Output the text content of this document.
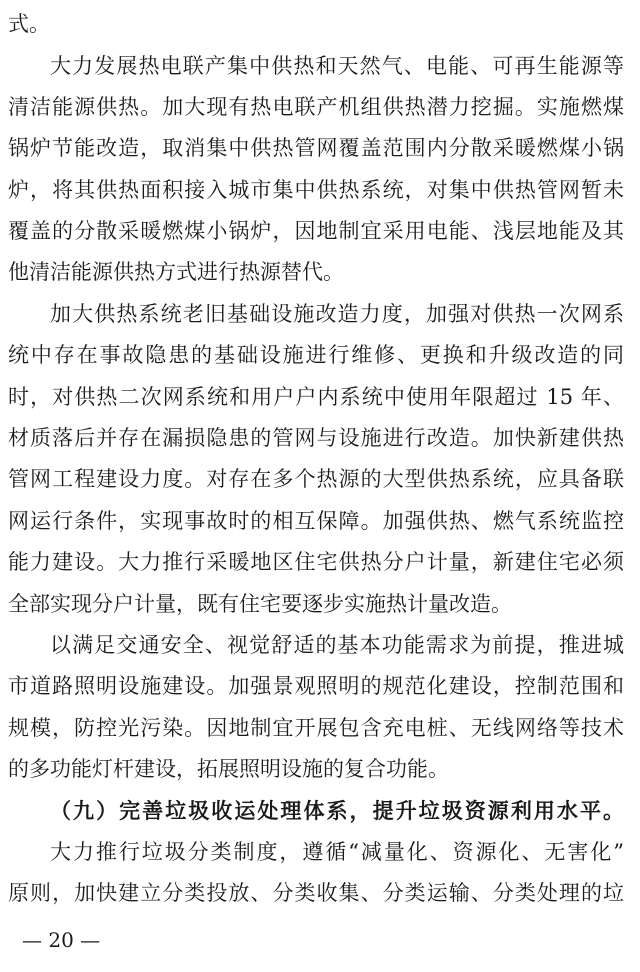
式。
大力发展热电联产集中供热和天然气、电能、可再生能源等
清洁能源供热。加大现有热电联产机组供热潜力挖掘。实施燃煤
锅炉节能改造，取消集中供热管网覆盖范围内分散采暖燃煤小锅
炉，将其供热面积接入城市集中供热系统，对集中供热管网暂未
覆盖的分散采暖燃煤小锅炉，因地制宜采用电能、浅层地能及其
他清洁能源供热方式进行热源替代。
加大供热系统老旧基础设施改造力度，加强对供热一次网系
统中存在事故隐患的基础设施进行维修、更换和升级改造的同
时，对供热二次网系统和用户户内系统中使用年限超过 15 年、
材质落后并存在漏损隐患的管网与设施进行改造。加快新建供热
管网工程建设力度。对存在多个热源的大型供热系统，应具备联
网运行条件，实现事故时的相互保障。加强供热、燃气系统监控
能力建设。大力推行采暖地区住宅供热分户计量，新建住宅必须
全部实现分户计量，既有住宅要逐步实施热计量改造。
以满足交通安全、视觉舒适的基本功能需求为前提，推进城
市道路照明设施建设。加强景观照明的规范化建设，控制范围和
规模，防控光污染。因地制宜开展包含充电桩、无线网络等技术
的多功能灯杆建设，拓展照明设施的复合功能。
（九）完善垃圾收运处理体系，提升垃圾资源利用水平。
大力推行垃圾分类制度，遵循“减量化、资源化、无害化”
原则，加快建立分类投放、分类收集、分类运输、分类处理的垃
— 20 —
